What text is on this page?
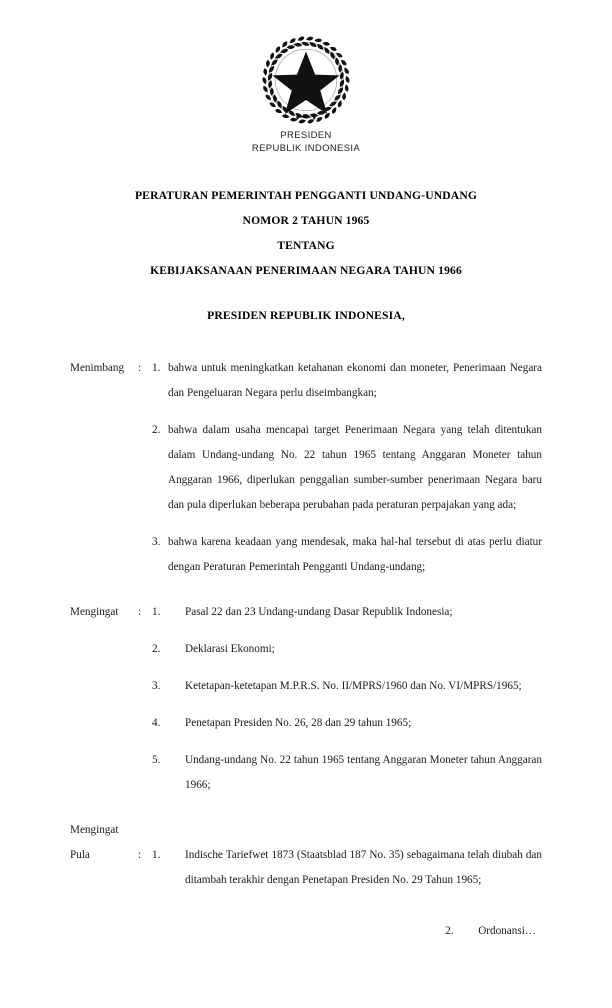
PRESIDEN
REPUBLIK INDONESIA
PERATURAN PEMERINTAH PENGGANTI UNDANG-UNDANG
NOMOR 2 TAHUN 1965
TENTANG
KEBIJAKSANAAN PENERIMAAN NEGARA TAHUN 1966
PRESIDEN REPUBLIK INDONESIA,
Menimbang	: 1. bahwa untuk meningkatkan ketahanan ekonomi dan moneter, Penerimaan Negara dan Pengeluaran Negara perlu diseimbangkan;
2. bahwa dalam usaha mencapai target Penerimaan Negara yang telah ditentukan dalam Undang-undang No. 22 tahun 1965 tentang Anggaran Moneter tahun Anggaran 1966, diperlukan penggalian sumber-sumber penerimaan Negara baru dan pula diperlukan beberapa perubahan pada peraturan perpajakan yang ada;
3. bahwa karena keadaan yang mendesak, maka hal-hal tersebut di atas perlu diatur dengan Peraturan Pemerintah Pengganti Undang-undang;
Mengingat	: 1.	Pasal 22 dan 23 Undang-undang Dasar Republik Indonesia;
2.	Deklarasi Ekonomi;
3.	Ketetapan-ketetapan M.P.R.S. No. II/MPRS/1960 dan No. VI/MPRS/1965;
4.	Penetapan Presiden No. 26, 28 dan 29 tahun 1965;
5.	Undang-undang No. 22 tahun 1965 tentang Anggaran Moneter tahun Anggaran 1966;
Mengingat
Pula	: 1.	Indische Tariefwet 1873 (Staatsblad 187 No. 35) sebagaimana telah diubah dan ditambah terakhir dengan Penetapan Presiden No. 29 Tahun 1965;
2.	Ordonansi…
